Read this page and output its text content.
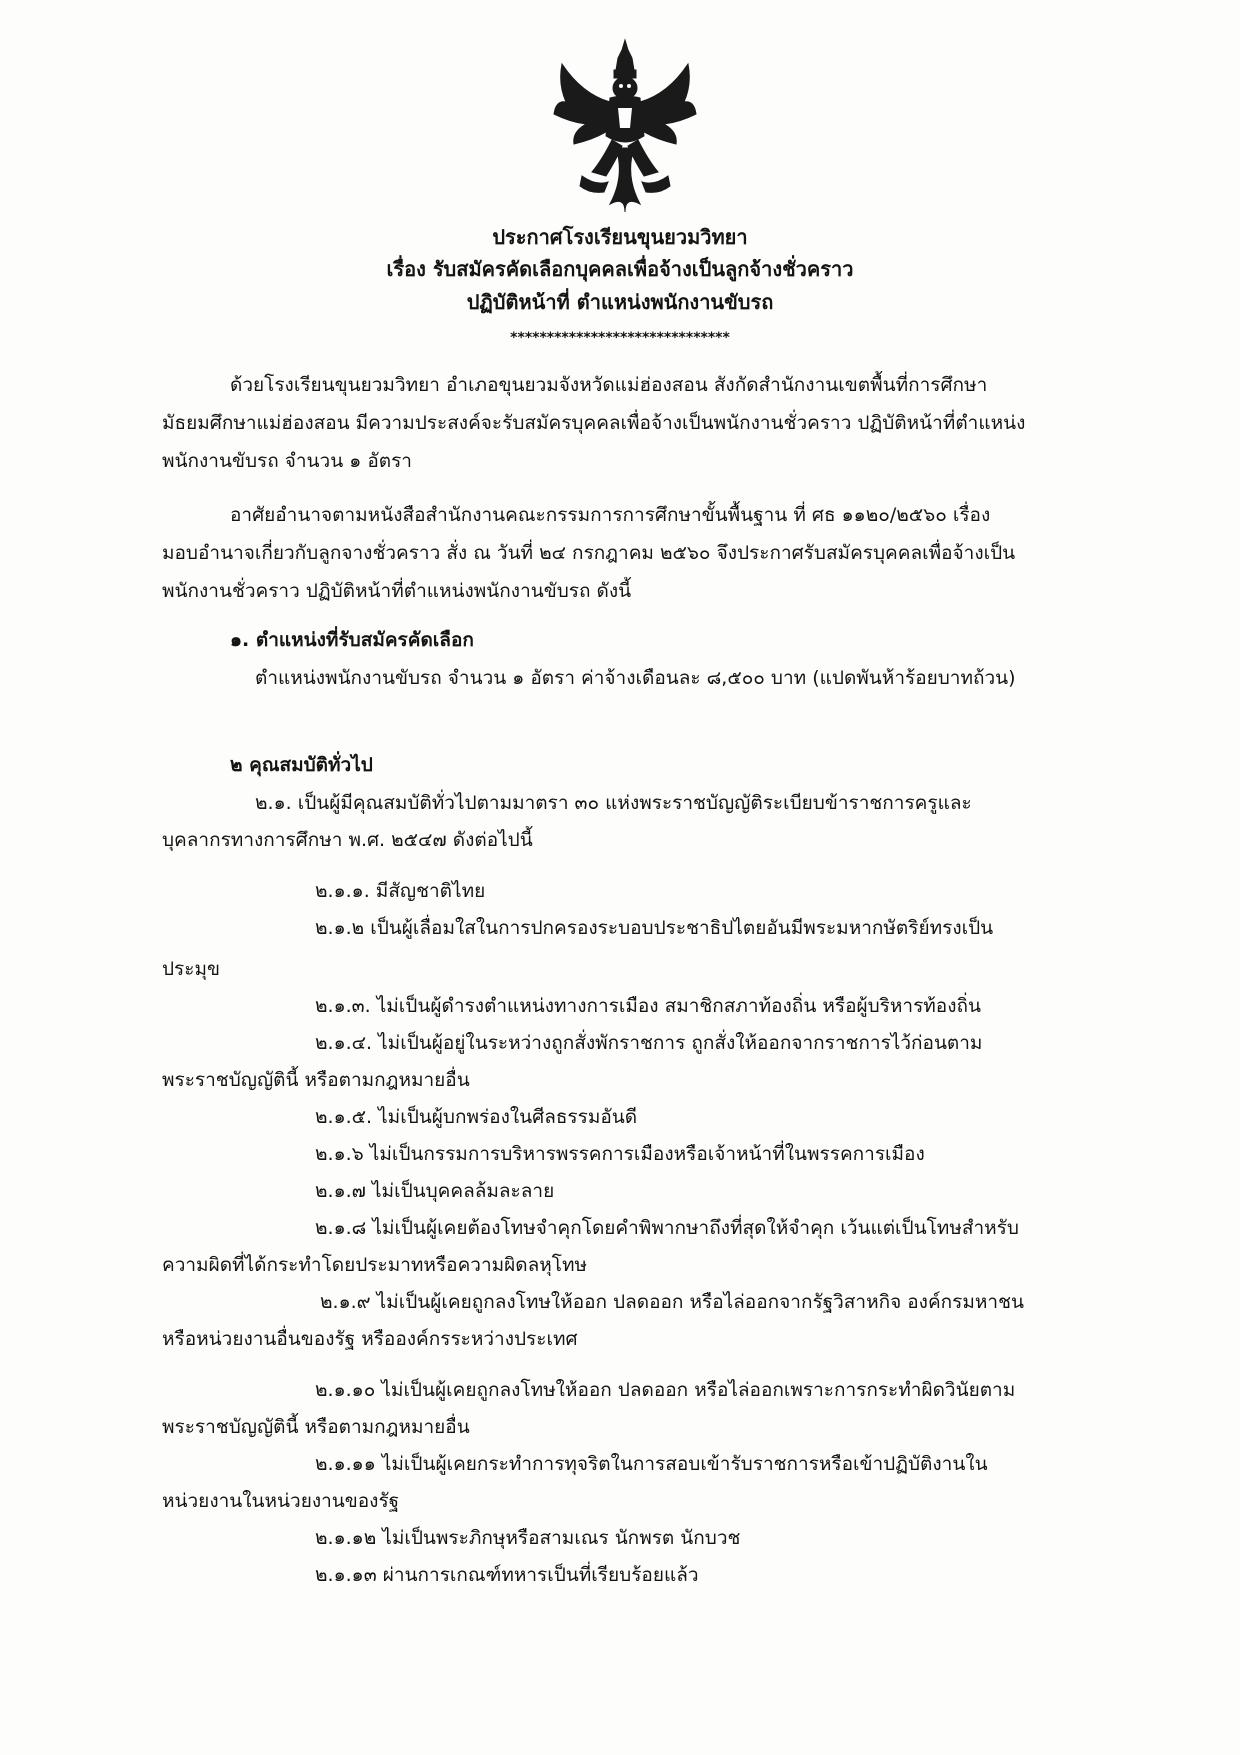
ประกาศโรงเรียนขุนยวมวิทยา
เรื่อง รับสมัครคัดเลือกบุคคลเพื่อจ้างเป็นลูกจ้างชั่วคราว
ปฏิบัติหน้าที่ ตำแหน่งพนักงานขับรถ
******************************
ด้วยโรงเรียนขุนยวมวิทยา อำเภอขุนยวมจังหวัดแม่ฮ่องสอน สังกัดสำนักงานเขตพื้นที่การศึกษา
มัธยมศึกษาแม่ฮ่องสอน มีความประสงค์จะรับสมัครบุคคลเพื่อจ้างเป็นพนักงานชั่วคราว ปฏิบัติหน้าที่ตำแหน่ง
พนักงานขับรถ จำนวน ๑ อัตรา
อาศัยอำนาจตามหนังสือสำนักงานคณะกรรมการการศึกษาขั้นพื้นฐาน ที่ ศธ ๑๑๒๐/๒๕๖๐ เรื่อง
มอบอำนาจเกี่ยวกับลูกจางชั่วคราว สั่ง ณ วันที่ ๒๔ กรกฎาคม ๒๕๖๐ จึงประกาศรับสมัครบุคคลเพื่อจ้างเป็น
พนักงานชั่วคราว ปฏิบัติหน้าที่ตำแหน่งพนักงานขับรถ ดังนี้
๑. ตำแหน่งที่รับสมัครคัดเลือก
ตำแหน่งพนักงานขับรถ จำนวน ๑ อัตรา ค่าจ้างเดือนละ ๘,๕๐๐ บาท (แปดพันห้าร้อยบาทถ้วน)
๒ คุณสมบัติทั่วไป
๒.๑. เป็นผู้มีคุณสมบัติทั่วไปตามมาตรา ๓๐ แห่งพระราชบัญญัติระเบียบข้าราชการครูและ
บุคลากรทางการศึกษา พ.ศ. ๒๕๔๗ ดังต่อไปนี้
๒.๑.๑. มีสัญชาติไทย
๒.๑.๒ เป็นผู้เลื่อมใสในการปกครองระบอบประชาธิปไตยอันมีพระมหากษัตริย์ทรงเป็น
ประมุข
๒.๑.๓. ไม่เป็นผู้ดำรงตำแหน่งทางการเมือง สมาชิกสภาท้องถิ่น หรือผู้บริหารท้องถิ่น
๒.๑.๔. ไม่เป็นผู้อยู่ในระหว่างถูกสั่งพักราชการ ถูกสั่งให้ออกจากราชการไว้ก่อนตาม
พระราชบัญญัตินี้ หรือตามกฎหมายอื่น
๒.๑.๕. ไม่เป็นผู้บกพร่องในศีลธรรมอันดี
๒.๑.๖ ไม่เป็นกรรมการบริหารพรรคการเมืองหรือเจ้าหน้าที่ในพรรคการเมือง
๒.๑.๗ ไม่เป็นบุคคลล้มละลาย
๒.๑.๘ ไม่เป็นผู้เคยต้องโทษจำคุกโดยคำพิพากษาถึงที่สุดให้จำคุก เว้นแต่เป็นโทษสำหรับ
ความผิดที่ได้กระทำโดยประมาทหรือความผิดลหุโทษ
๒.๑.๙ ไม่เป็นผู้เคยถูกลงโทษให้ออก ปลดออก หรือไล่ออกจากรัฐวิสาหกิจ องค์กรมหาชน
หรือหน่วยงานอื่นของรัฐ หรือองค์กรระหว่างประเทศ
๒.๑.๑๐ ไม่เป็นผู้เคยถูกลงโทษให้ออก ปลดออก หรือไล่ออกเพราะการกระทำผิดวินัยตาม
พระราชบัญญัตินี้ หรือตามกฎหมายอื่น
๒.๑.๑๑ ไม่เป็นผู้เคยกระทำการทุจริตในการสอบเข้ารับราชการหรือเข้าปฏิบัติงานใน
หน่วยงานในหน่วยงานของรัฐ
๒.๑.๑๒ ไม่เป็นพระภิกษุหรือสามเณร นักพรต นักบวช
๒.๑.๑๓ ผ่านการเกณฑ์ทหารเป็นที่เรียบร้อยแล้ว
